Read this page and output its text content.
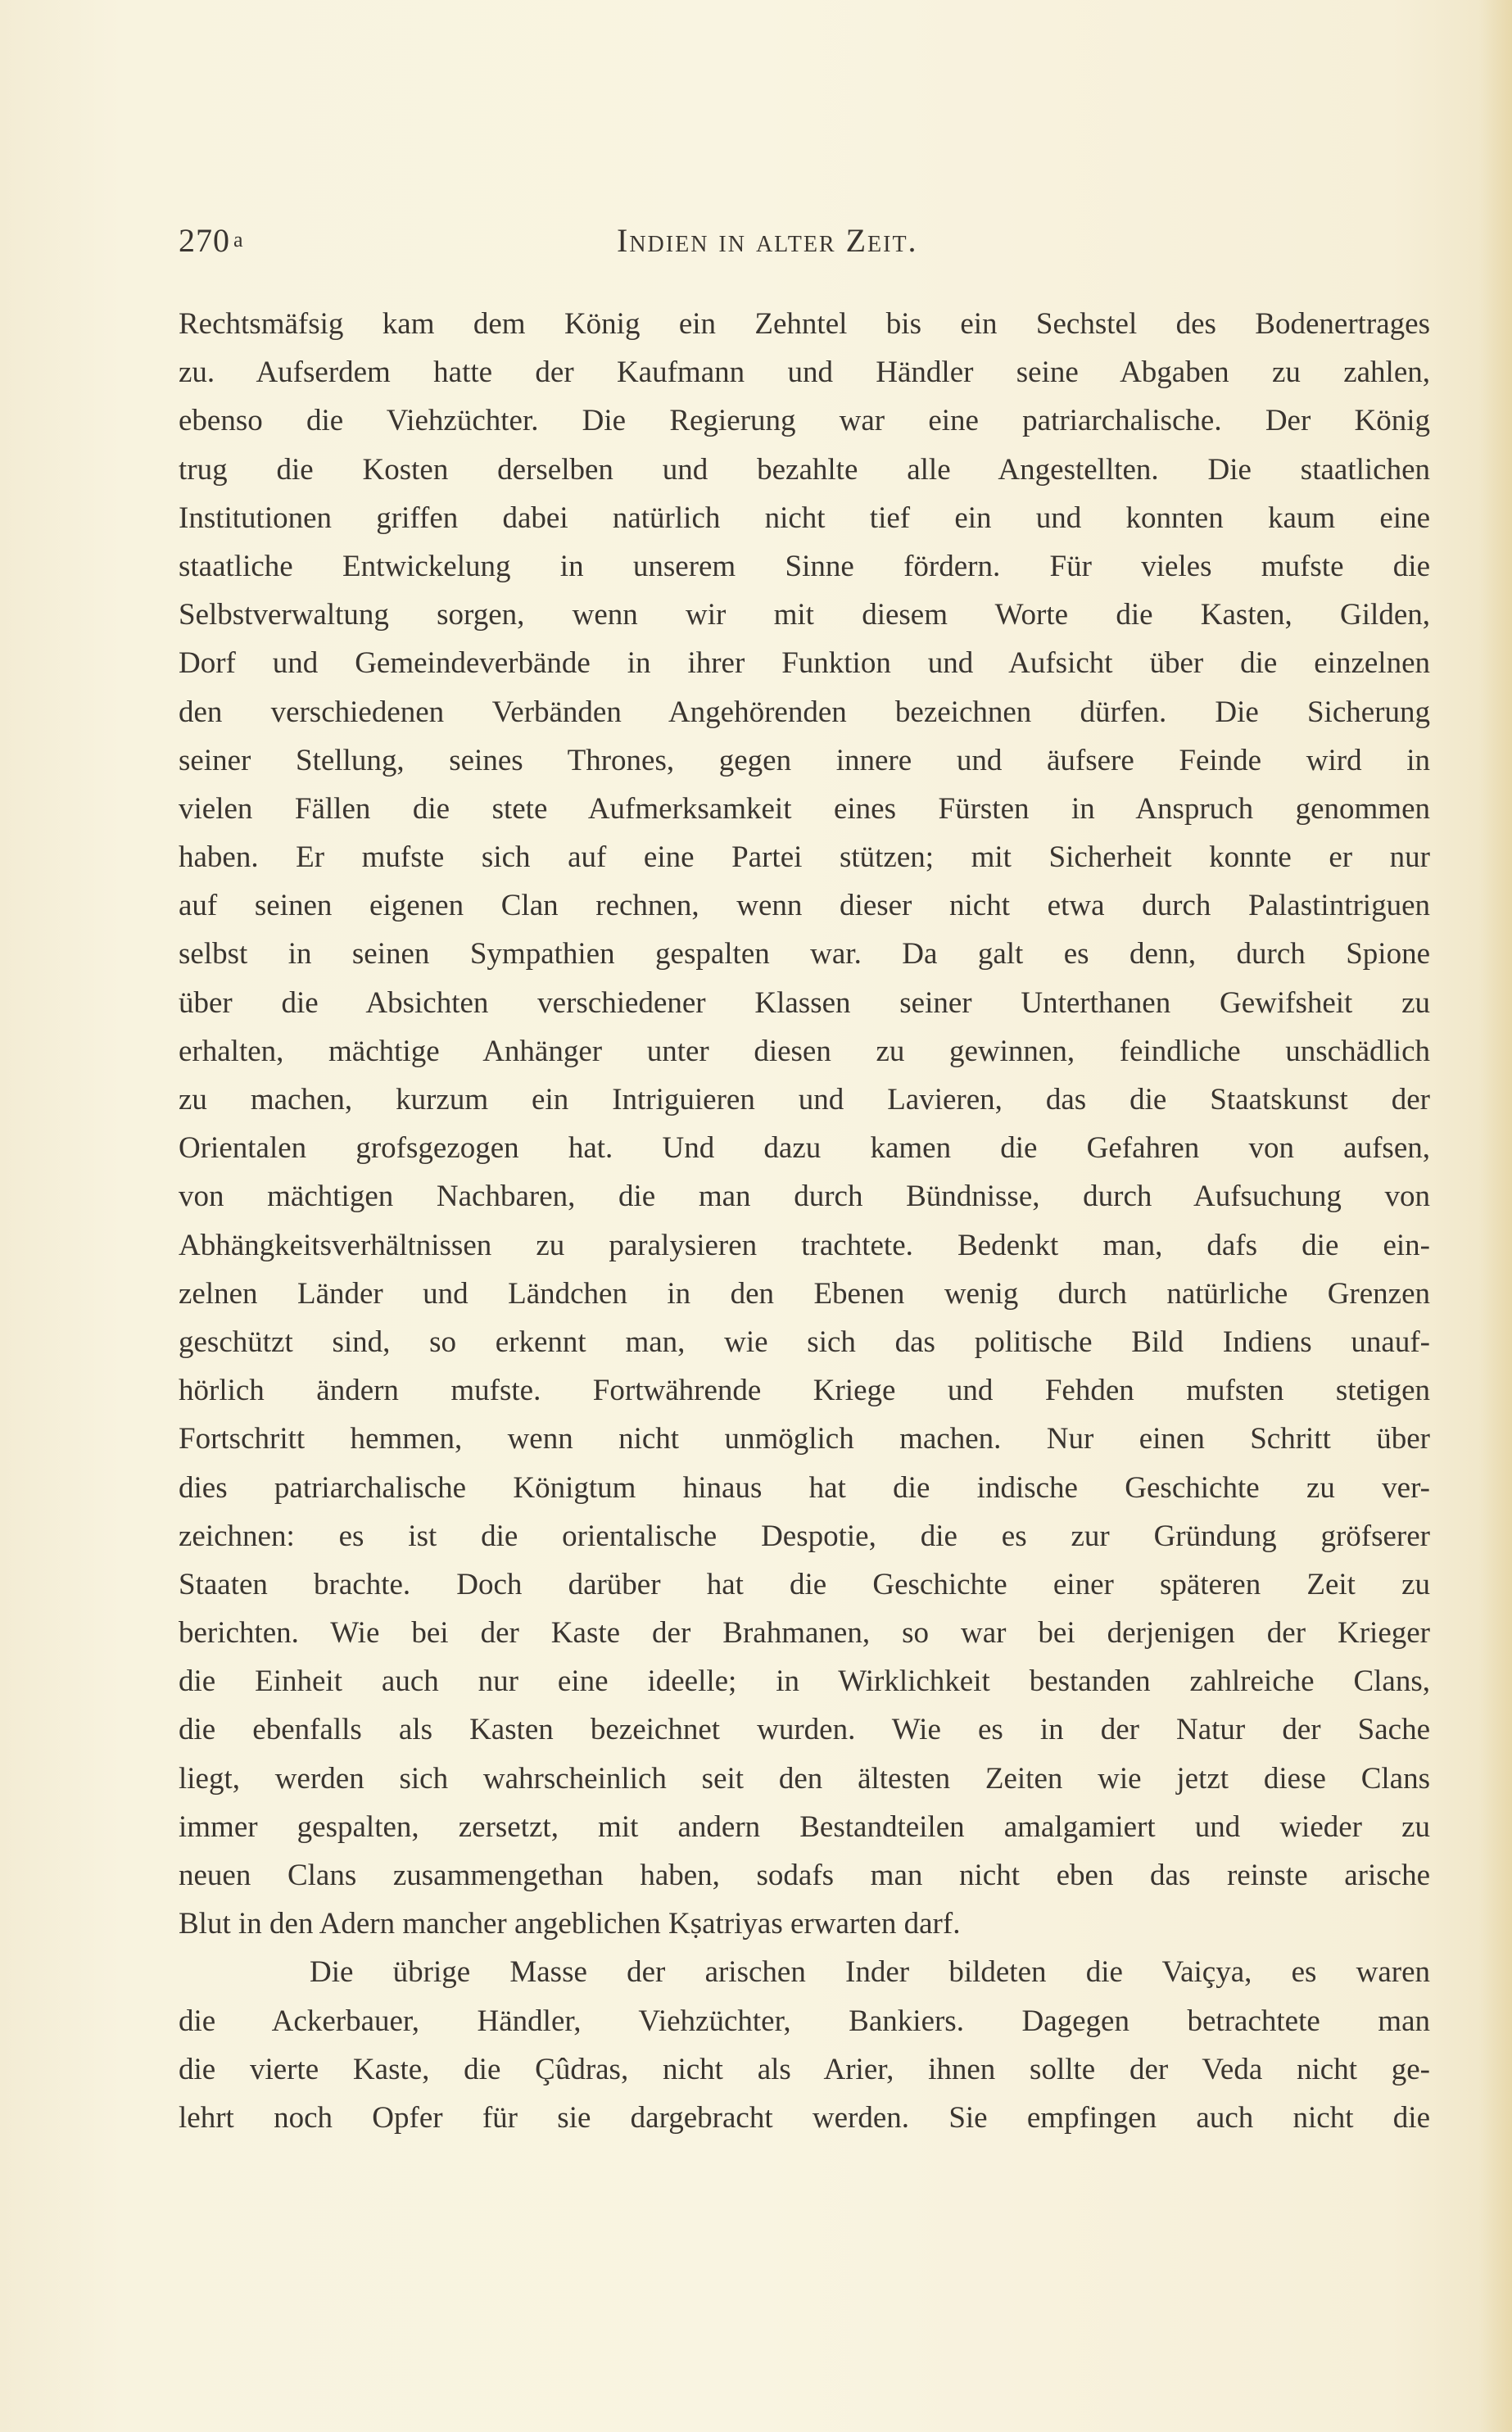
270 a	Indien in alter Zeit.
Rechtsmäfsig kam dem König ein Zehntel bis ein Sechstel des Bodenertrages
zu. Aufserdem hatte der Kaufmann und Händler seine Abgaben zu zahlen,
ebenso die Viehzüchter. Die Regierung war eine patriarchalische. Der König
trug die Kosten derselben und bezahlte alle Angestellten. Die staatlichen
Institutionen griffen dabei natürlich nicht tief ein und konnten kaum eine
staatliche Entwickelung in unserem Sinne fördern. Für vieles mufste die
Selbstverwaltung sorgen, wenn wir mit diesem Worte die Kasten, Gilden,
Dorf und Gemeindeverbände in ihrer Funktion und Aufsicht über die einzelnen
den verschiedenen Verbänden Angehörenden bezeichnen dürfen. Die Sicherung
seiner Stellung, seines Thrones, gegen innere und äufsere Feinde wird in
vielen Fällen die stete Aufmerksamkeit eines Fürsten in Anspruch genommen
haben. Er mufste sich auf eine Partei stützen; mit Sicherheit konnte er nur
auf seinen eigenen Clan rechnen, wenn dieser nicht etwa durch Palastintriguen
selbst in seinen Sympathien gespalten war. Da galt es denn, durch Spione
über die Absichten verschiedener Klassen seiner Unterthanen Gewifsheit zu
erhalten, mächtige Anhänger unter diesen zu gewinnen, feindliche unschädlich
zu machen, kurzum ein Intriguieren und Lavieren, das die Staatskunst der
Orientalen grofsgezogen hat. Und dazu kamen die Gefahren von aufsen,
von mächtigen Nachbaren, die man durch Bündnisse, durch Aufsuchung von
Abhängkeitsverhältnissen zu paralysieren trachtete. Bedenkt man, dafs die ein-
zelnen Länder und Ländchen in den Ebenen wenig durch natürliche Grenzen
geschützt sind, so erkennt man, wie sich das politische Bild Indiens unauf-
hörlich ändern mufste. Fortwährende Kriege und Fehden mufsten stetigen
Fortschritt hemmen, wenn nicht unmöglich machen. Nur einen Schritt über
dies patriarchalische Königtum hinaus hat die indische Geschichte zu ver-
zeichnen: es ist die orientalische Despotie, die es zur Gründung gröfserer
Staaten brachte. Doch darüber hat die Geschichte einer späteren Zeit zu
berichten. Wie bei der Kaste der Brahmanen, so war bei derjenigen der Krieger
die Einheit auch nur eine ideelle; in Wirklichkeit bestanden zahlreiche Clans,
die ebenfalls als Kasten bezeichnet wurden. Wie es in der Natur der Sache
liegt, werden sich wahrscheinlich seit den ältesten Zeiten wie jetzt diese Clans
immer gespalten, zersetzt, mit andern Bestandteilen amalgamiert und wieder zu
neuen Clans zusammengethan haben, sodafs man nicht eben das reinste arische
Blut in den Adern mancher angeblichen Kṣatriyas erwarten darf.
Die übrige Masse der arischen Inder bildeten die Vaiçya, es waren
die Ackerbauer, Händler, Viehzüchter, Bankiers. Dagegen betrachtete man
die vierte Kaste, die Çûdras, nicht als Arier, ihnen sollte der Veda nicht ge-
lehrt noch Opfer für sie dargebracht werden. Sie empfingen auch nicht die
